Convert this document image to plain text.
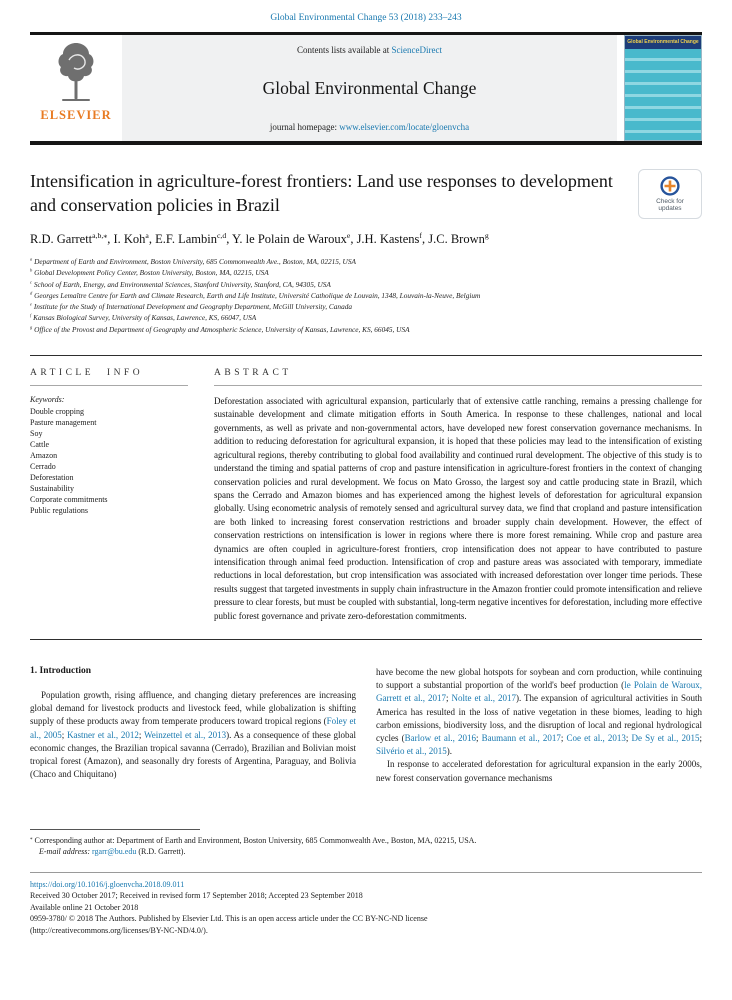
Global Environmental Change 53 (2018) 233–243
ELSEVIER
Contents lists available at ScienceDirect
Global Environmental Change
journal homepage: www.elsevier.com/locate/gloenvcha
Global Environmental Change
Intensification in agriculture-forest frontiers: Land use responses to development and conservation policies in Brazil	Check for
updates
R.D. Garrett$^{a,b,⁎}$, I. Koh$^a$, E.F. Lambin$^{c,d}$, Y. le Polain de Waroux$^e$, J.H. Kastens$^f$, J.C. Brown$^g$
$^a$ Department of Earth and Environment, Boston University, 685 Commonwealth Ave., Boston, MA, 02215, USA
$^b$ Global Development Policy Center, Boston University, Boston, MA, 02215, USA
$^c$ School of Earth, Energy, and Environmental Sciences, Stanford University, Stanford, CA, 94305, USA
$^d$ Georges Lemaître Centre for Earth and Climate Research, Earth and Life Institute, Université Catholique de Louvain, 1348, Louvain-la-Neuve, Belgium
$^e$ Institute for the Study of International Development and Geography Department, McGill University, Canada
$^f$ Kansas Biological Survey, University of Kansas, Lawrence, KS, 66047, USA
$^g$ Office of the Provost and Department of Geography and Atmospheric Science, University of Kansas, Lawrence, KS, 66045, USA
ARTICLE INFO
Keywords:
Double cropping
Pasture management
Soy
Cattle
Amazon
Cerrado
Deforestation
Sustainability
Corporate commitments
Public regulations
ABSTRACT
Deforestation associated with agricultural expansion, particularly that of extensive cattle ranching, remains a pressing challenge for sustainable development and climate mitigation efforts in South America. In response to these challenges, national and local governments, as well as private and non-governmental actors, have developed new forest conservation governance mechanisms. In addition to reducing deforestation for agricultural expansion, it is hoped that these policies may lead to the intensification of existing agricultural regions, thereby contributing to global food availability and continued rural development. The objective of this study is to understand the timing and spatial patterns of crop and pasture intensification in agriculture-forest frontiers in the context of changing conservation policies and rural development. We focus on Mato Grosso, the largest soy and cattle producing state in Brazil, which spans the Cerrado and Amazon biomes and has experienced among the highest levels of deforestation for agricultural expansion globally. Using econometric analysis of remotely sensed and agricultural survey data, we find that cropland and pasture intensification are both linked to increasing forest conservation restrictions and broader supply chain development. However, the effect of conservation restrictions on intensification is lower in regions where there is more forest remaining. While crop and pasture area dynamics are often coupled in agriculture-forest frontiers, crop intensification does not appear to have contributed to pasture intensification through animal feed production. Intensification of crop and pasture areas was associated with temporary, immediate reductions in local deforestation, but crop intensification was associated with increased deforestation over longer time periods. These results suggest that targeted investments in supply chain infrastructure in the Amazon frontier could promote intensification and relieve pressure to clear forests, but must be coupled with substantial, long-term negative incentives for deforestation, including more effective public forest governance and private zero-deforestation commitments.
1. Introduction

Population growth, rising affluence, and changing dietary preferences are increasing global demand for livestock products and livestock feed, while globalization is shifting supply of these products away from temperate producers toward tropical regions (Foley et al., 2005; Kastner et al., 2012; Weinzettel et al., 2013). As a consequence of these global economic changes, the Brazilian tropical savanna (Cerrado), Brazilian and Bolivian moist tropical forest (Amazon), and seasonally dry forests of Argentina, Paraguay, and Bolivia (Chaco and Chiquitano)

have become the new global hotspots for soybean and corn production, while continuing to support a substantial proportion of the world's beef production (le Polain de Waroux, Garrett et al., 2017; Nolte et al., 2017). The expansion of agricultural activities in South America has resulted in the loss of native vegetation in these biomes, leading to high carbon emissions, biodiversity loss, and the disruption of local and regional hydrological cycles (Barlow et al., 2016; Baumann et al., 2017; Coe et al., 2013; De Sy et al., 2015; Silvério et al., 2015).

In response to accelerated deforestation for agricultural expansion in the early 2000s, new forest conservation governance mechanisms

⁎ Corresponding author at: Department of Earth and Environment, Boston University, 685 Commonwealth Ave., Boston, MA, 02215, USA.
E-mail address: rgarr@bu.edu (R.D. Garrett).
https://doi.org/10.1016/j.gloenvcha.2018.09.011
Received 30 October 2017; Received in revised form 17 September 2018; Accepted 23 September 2018
Available online 21 October 2018
0959-3780/ © 2018 The Authors. Published by Elsevier Ltd. This is an open access article under the CC BY-NC-ND license
(http://creativecommons.org/licenses/BY-NC-ND/4.0/).
